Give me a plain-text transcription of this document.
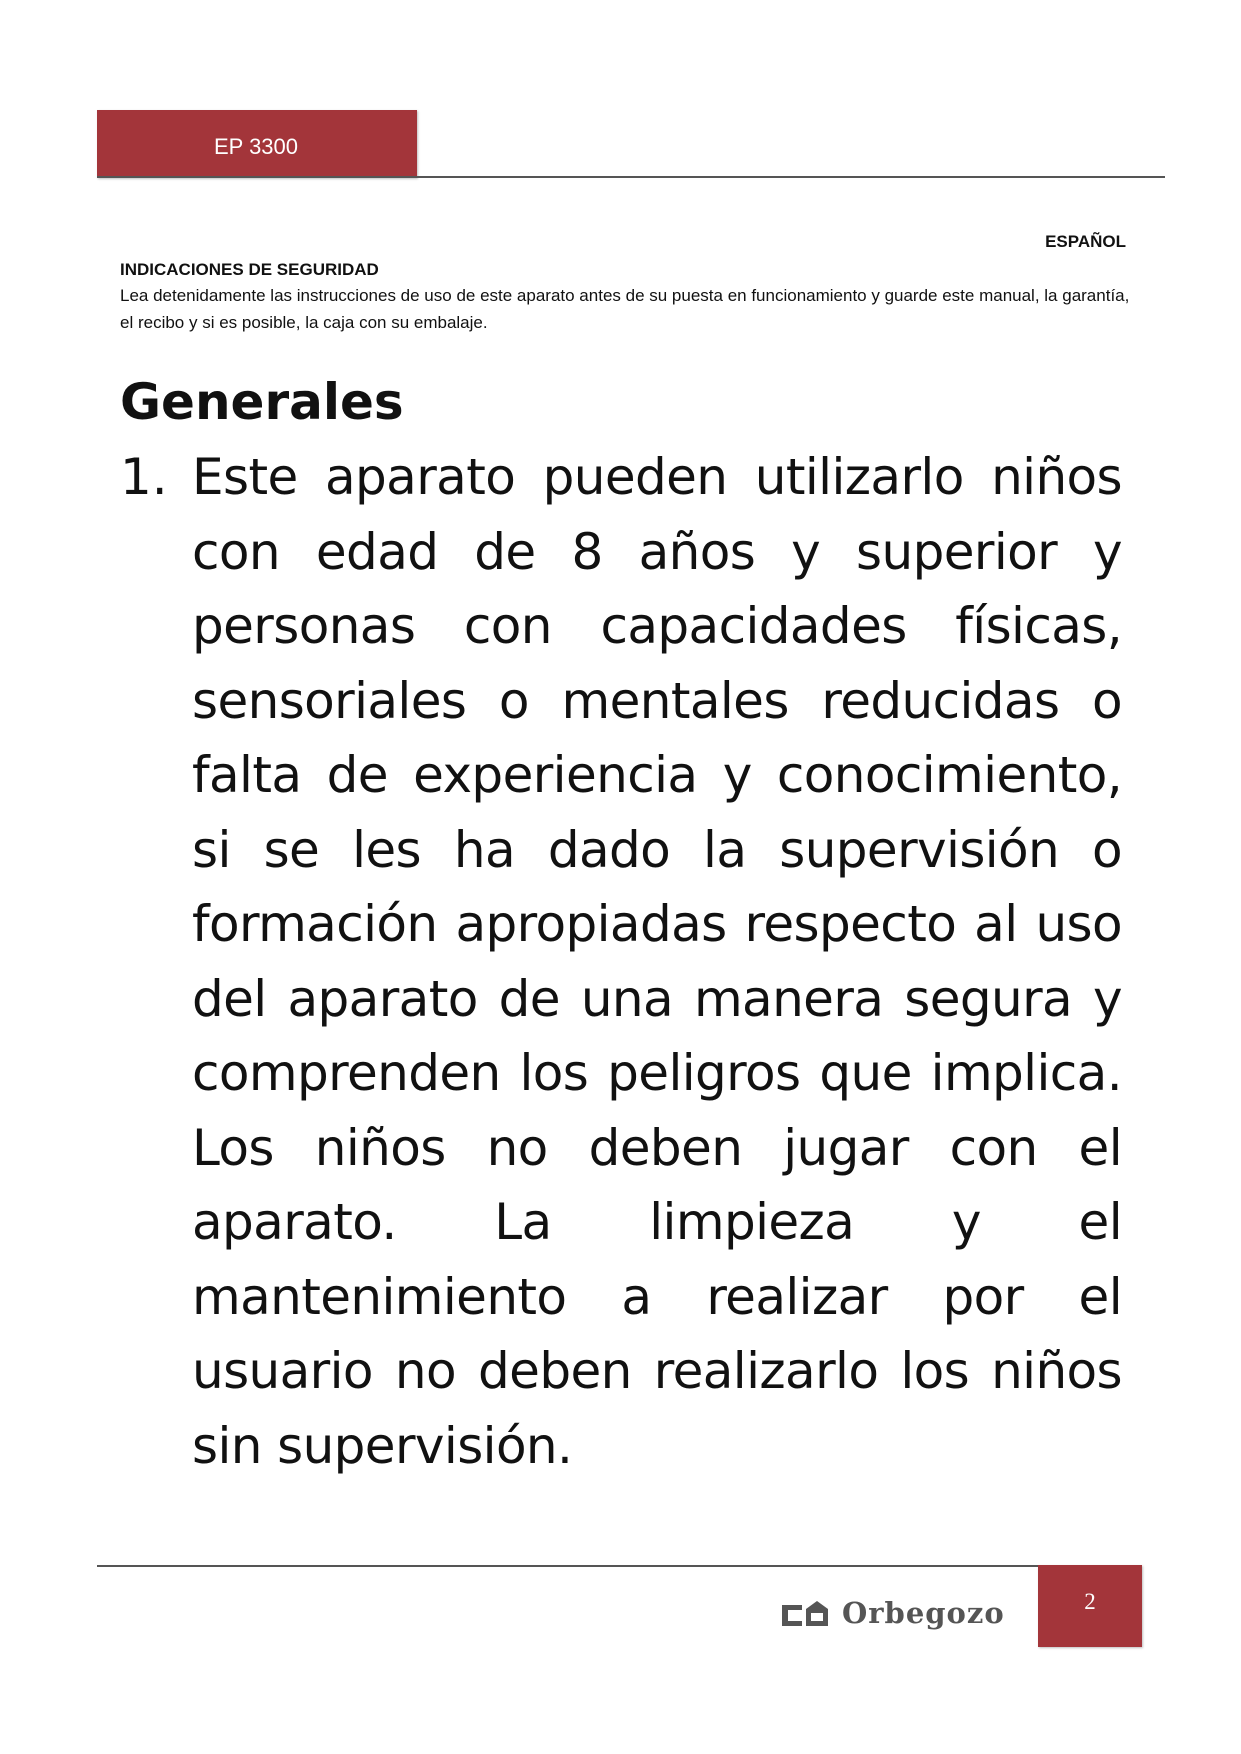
EP 3300
ESPAÑOL
INDICACIONES DE SEGURIDAD
Lea detenidamente las instrucciones de uso de este aparato antes de su puesta en funcionamiento y guarde este manual, la garantía, el recibo y si es posible, la caja con su embalaje.
Generales
1. Este aparato pueden utilizarlo niños con edad de 8 años y superior y personas con capacidades físicas, sensoriales o mentales reducidas o falta de experiencia y conocimiento, si se les ha dado la supervisión o formación apropiadas respecto al uso del aparato de una manera segura y comprenden los peligros que implica. Los niños no deben jugar con el aparato. La limpieza y el mantenimiento a realizar por el usuario no deben realizarlo los niños sin supervisión.
Orbegozo	2
